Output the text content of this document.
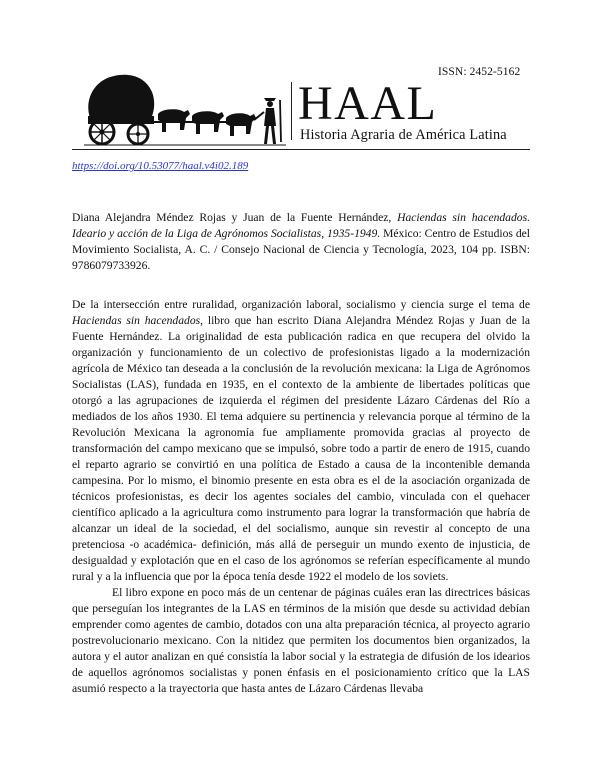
ISSN: 2452-5162
HAAL
Historia Agraria de América Latina
https://doi.org/10.53077/haal.v4i02.189
Diana Alejandra Méndez Rojas y Juan de la Fuente Hernández, Haciendas sin hacendados. Ideario y acción de la Liga de Agrónomos Socialistas, 1935-1949. México: Centro de Estudios del Movimiento Socialista, A. C. / Consejo Nacional de Ciencia y Tecnología, 2023, 104 pp. ISBN: 9786079733926.
De la intersección entre ruralidad, organización laboral, socialismo y ciencia surge el tema de Haciendas sin hacendados, libro que han escrito Diana Alejandra Méndez Rojas y Juan de la Fuente Hernández. La originalidad de esta publicación radica en que recupera del olvido la organización y funcionamiento de un colectivo de profesionistas ligado a la modernización agrícola de México tan deseada a la conclusión de la revolución mexicana: la Liga de Agrónomos Socialistas (LAS), fundada en 1935, en el contexto de la ambiente de libertades políticas que otorgó a las agrupaciones de izquierda el régimen del presidente Lázaro Cárdenas del Río a mediados de los años 1930. El tema adquiere su pertinencia y relevancia porque al término de la Revolución Mexicana la agronomía fue ampliamente promovida gracias al proyecto de transformación del campo mexicano que se impulsó, sobre todo a partir de enero de 1915, cuando el reparto agrario se convirtió en una política de Estado a causa de la incontenible demanda campesina. Por lo mismo, el binomio presente en esta obra es el de la asociación organizada de técnicos profesionistas, es decir los agentes sociales del cambio, vinculada con el quehacer científico aplicado a la agricultura como instrumento para lograr la transformación que habría de alcanzar un ideal de la sociedad, el del socialismo, aunque sin revestir al concepto de una pretenciosa -o académica- definición, más allá de perseguir un mundo exento de injusticia, de desigualdad y explotación que en el caso de los agrónomos se referían específicamente al mundo rural y a la influencia que por la época tenía desde 1922 el modelo de los soviets.
El libro expone en poco más de un centenar de páginas cuáles eran las directrices básicas que perseguían los integrantes de la LAS en términos de la misión que desde su actividad debían emprender como agentes de cambio, dotados con una alta preparación técnica, al proyecto agrario postrevolucionario mexicano. Con la nitidez que permiten los documentos bien organizados, la autora y el autor analizan en qué consistía la labor social y la estrategia de difusión de los idearios de aquellos agrónomos socialistas y ponen énfasis en el posicionamiento crítico que la LAS asumió respecto a la trayectoria que hasta antes de Lázaro Cárdenas llevaba
